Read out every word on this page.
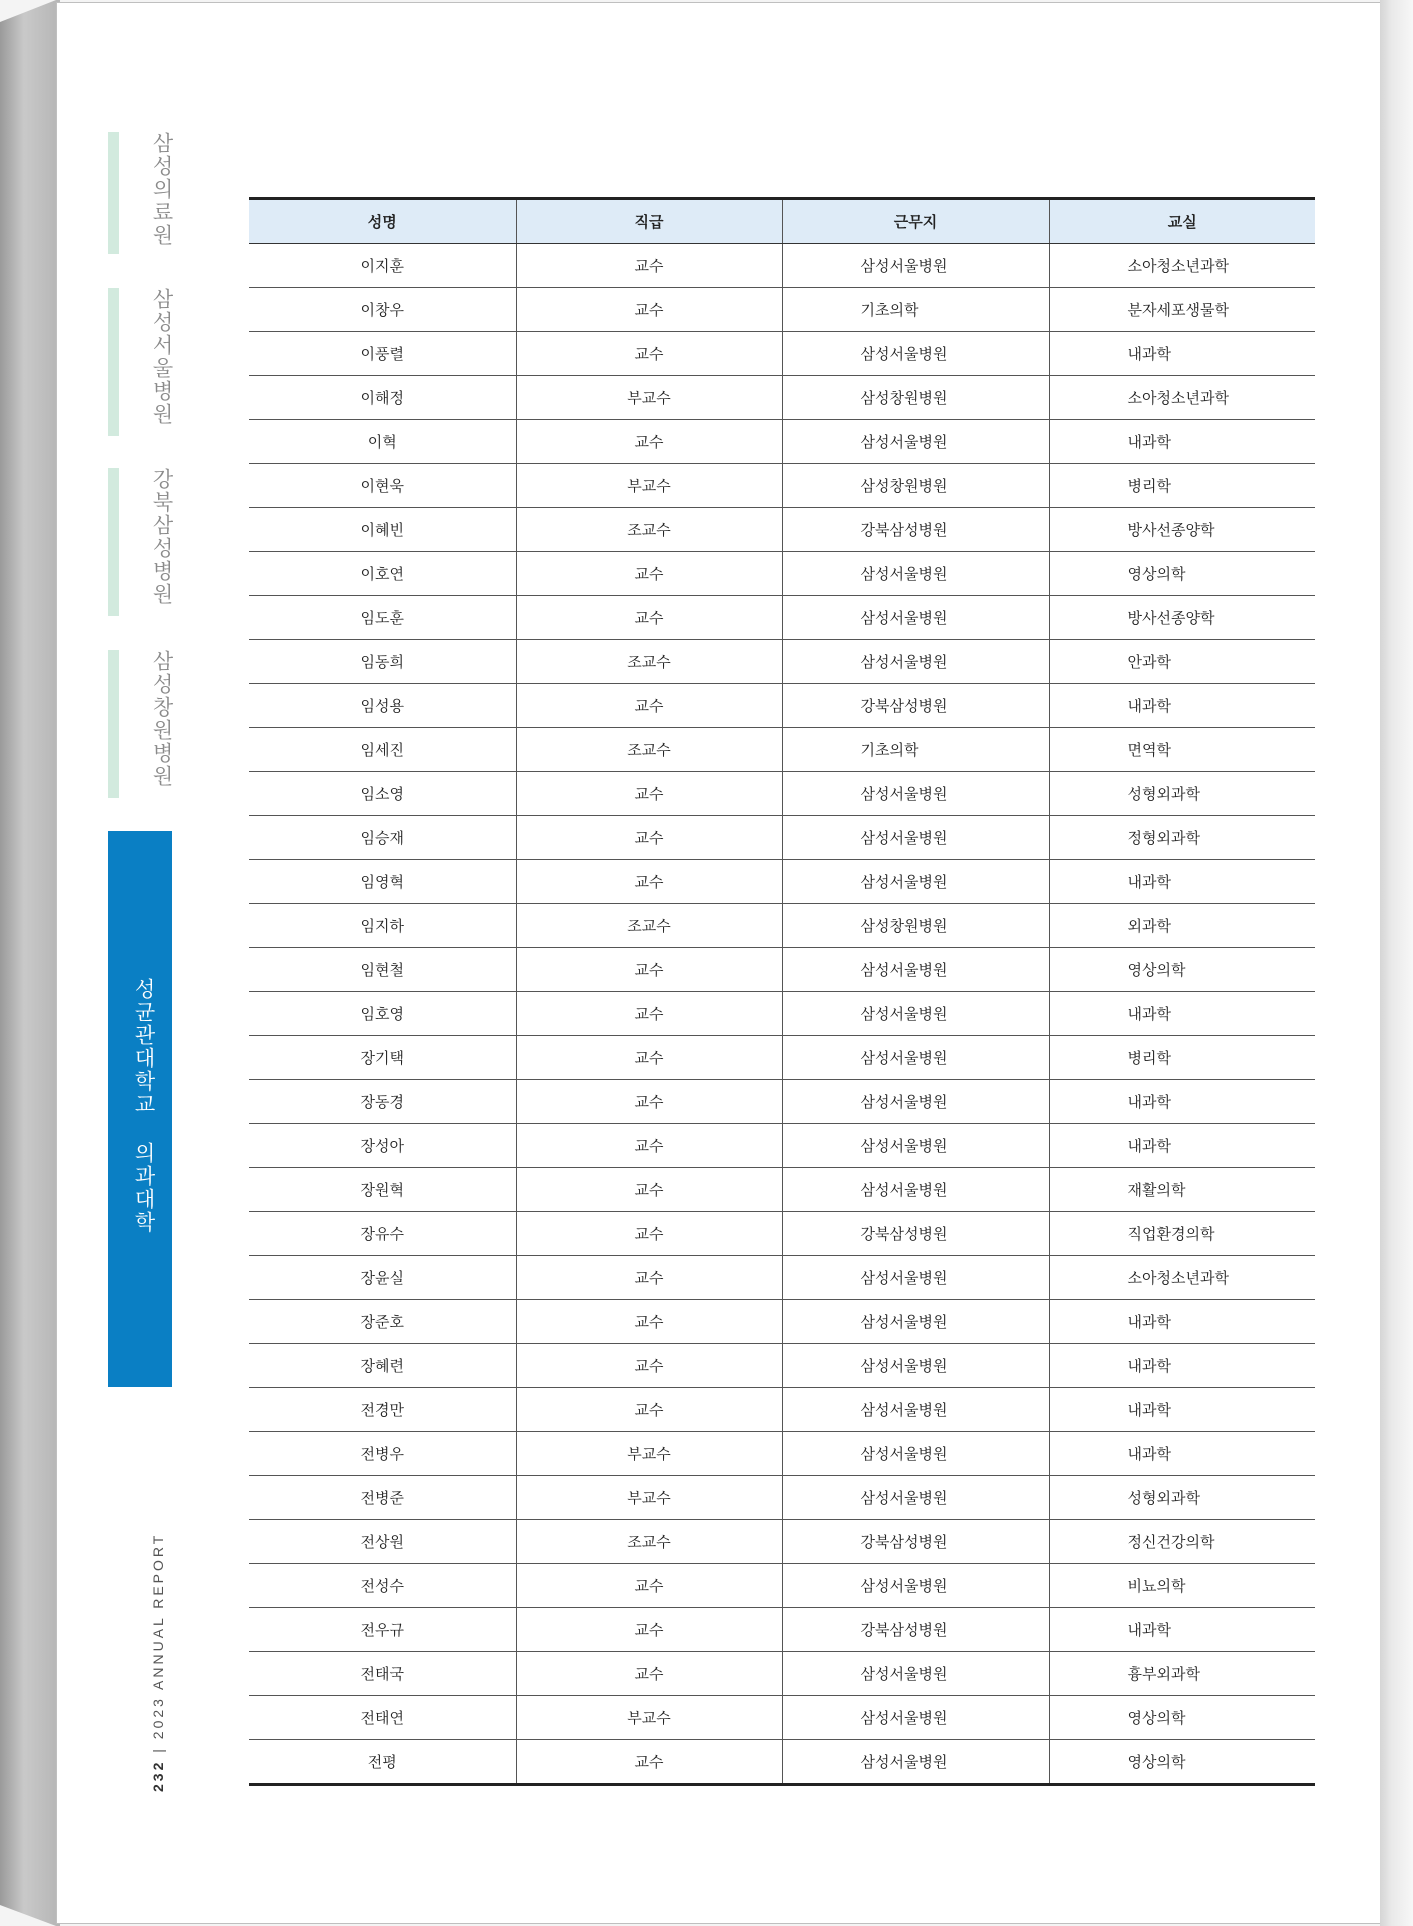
삼성의료원
삼성서울병원
강북삼성병원
삼성창원병원
성균관대학교 의과대학
232 | 2023 ANNUAL REPORT
성명	직급	근무지	교실
이지훈	교수	삼성서울병원	소아청소년과학
이창우	교수	기초의학	분자세포생물학
이풍렬	교수	삼성서울병원	내과학
이해정	부교수	삼성창원병원	소아청소년과학
이혁	교수	삼성서울병원	내과학
이현욱	부교수	삼성창원병원	병리학
이혜빈	조교수	강북삼성병원	방사선종양학
이호연	교수	삼성서울병원	영상의학
임도훈	교수	삼성서울병원	방사선종양학
임동희	조교수	삼성서울병원	안과학
임성용	교수	강북삼성병원	내과학
임세진	조교수	기초의학	면역학
임소영	교수	삼성서울병원	성형외과학
임승재	교수	삼성서울병원	정형외과학
임영혁	교수	삼성서울병원	내과학
임지하	조교수	삼성창원병원	외과학
임현철	교수	삼성서울병원	영상의학
임호영	교수	삼성서울병원	내과학
장기택	교수	삼성서울병원	병리학
장동경	교수	삼성서울병원	내과학
장성아	교수	삼성서울병원	내과학
장원혁	교수	삼성서울병원	재활의학
장유수	교수	강북삼성병원	직업환경의학
장윤실	교수	삼성서울병원	소아청소년과학
장준호	교수	삼성서울병원	내과학
장혜련	교수	삼성서울병원	내과학
전경만	교수	삼성서울병원	내과학
전병우	부교수	삼성서울병원	내과학
전병준	부교수	삼성서울병원	성형외과학
전상원	조교수	강북삼성병원	정신건강의학
전성수	교수	삼성서울병원	비뇨의학
전우규	교수	강북삼성병원	내과학
전태국	교수	삼성서울병원	흉부외과학
전태연	부교수	삼성서울병원	영상의학
전평	교수	삼성서울병원	영상의학
